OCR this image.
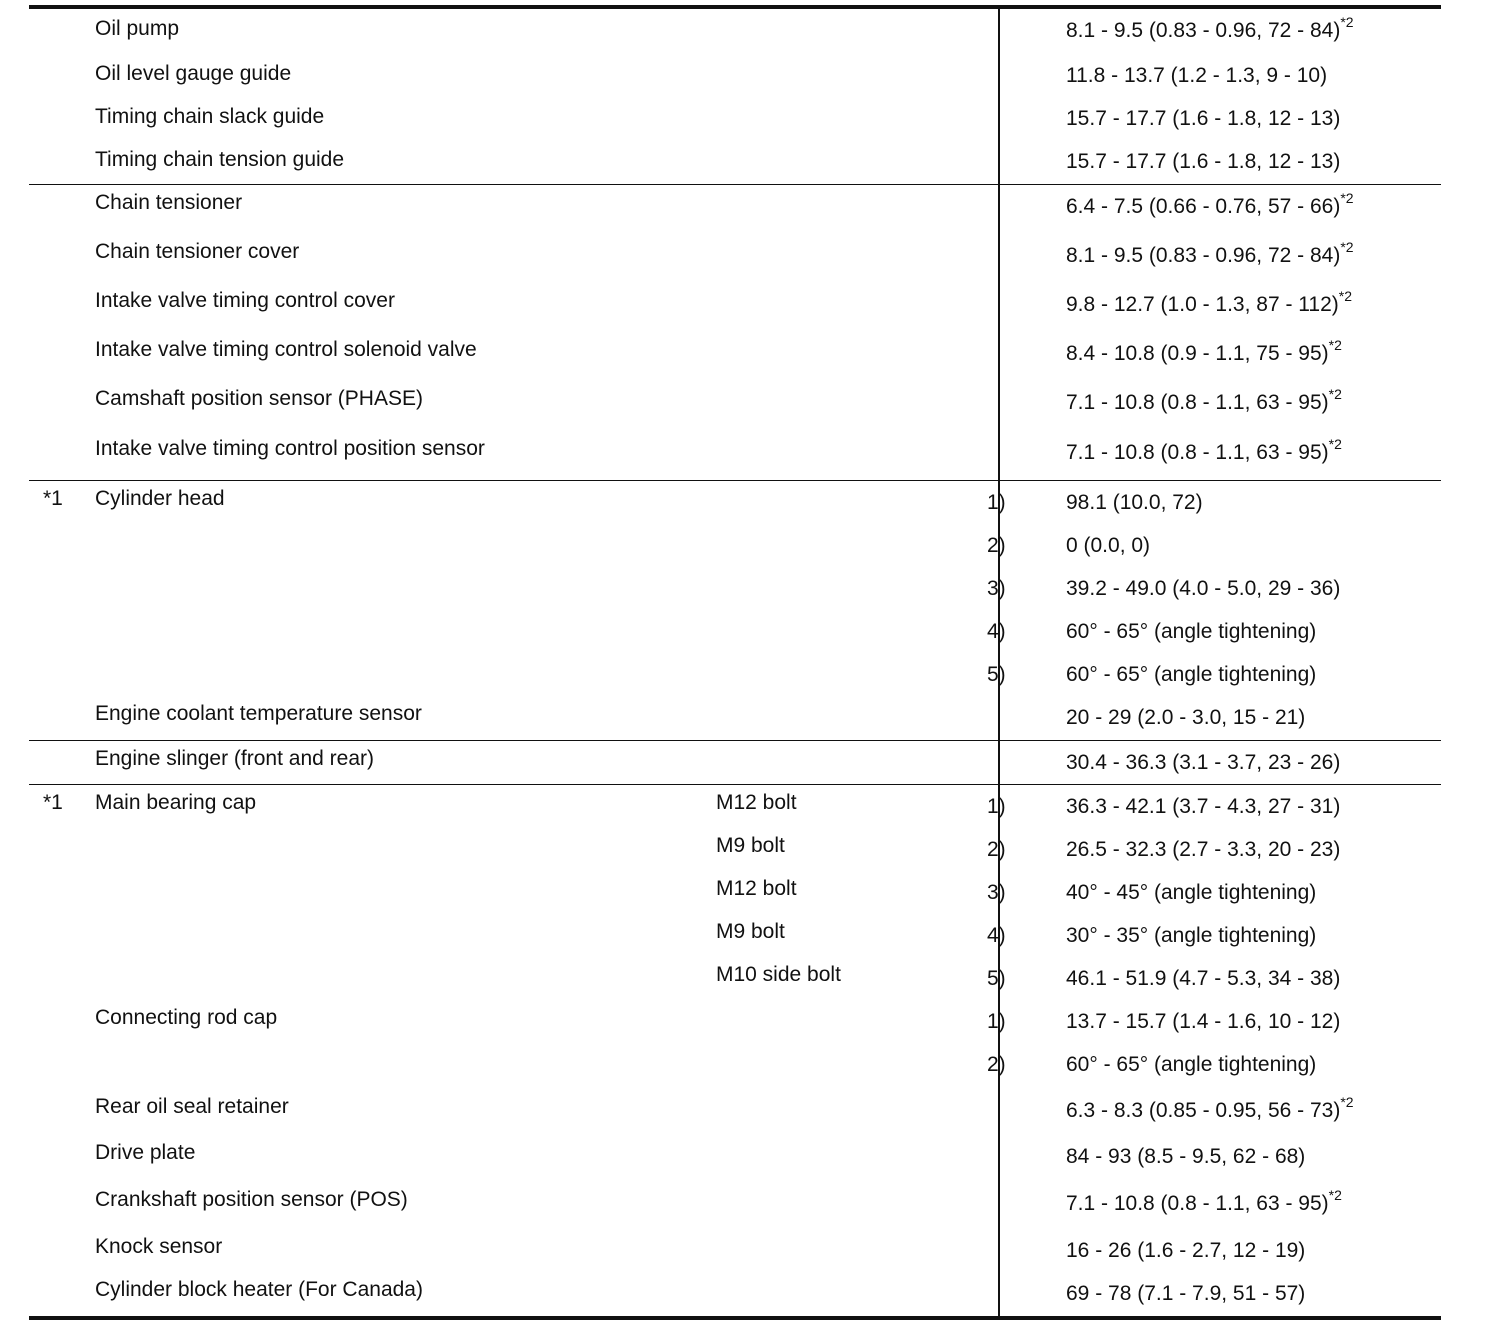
Oil pump	8.1 - 9.5 (0.83 - 0.96, 72 - 84)$^{*2}$
Oil level gauge guide	11.8 - 13.7 (1.2 - 1.3, 9 - 10)
Timing chain slack guide	15.7 - 17.7 (1.6 - 1.8, 12 - 13)
Timing chain tension guide	15.7 - 17.7 (1.6 - 1.8, 12 - 13)
Chain tensioner	6.4 - 7.5 (0.66 - 0.76, 57 - 66)$^{*2}$
Chain tensioner cover	8.1 - 9.5 (0.83 - 0.96, 72 - 84)$^{*2}$
Intake valve timing control cover	9.8 - 12.7 (1.0 - 1.3, 87 - 112)$^{*2}$
Intake valve timing control solenoid valve	8.4 - 10.8 (0.9 - 1.1, 75 - 95)$^{*2}$
Camshaft position sensor (PHASE)	7.1 - 10.8 (0.8 - 1.1, 63 - 95)$^{*2}$
Intake valve timing control position sensor	7.1 - 10.8 (0.8 - 1.1, 63 - 95)$^{*2}$
*1 Cylinder head	1)	98.1 (10.0, 72)
2)	0 (0.0, 0)
3)	39.2 - 49.0 (4.0 - 5.0, 29 - 36)
4)	60° - 65° (angle tightening)
5)	60° - 65° (angle tightening)
Engine coolant temperature sensor	20 - 29 (2.0 - 3.0, 15 - 21)
Engine slinger (front and rear)	30.4 - 36.3 (3.1 - 3.7, 23 - 26)
*1 Main bearing cap	M12 bolt	1)	36.3 - 42.1 (3.7 - 4.3, 27 - 31)
M9 bolt	2)	26.5 - 32.3 (2.7 - 3.3, 20 - 23)
M12 bolt	3)	40° - 45° (angle tightening)
M9 bolt	4)	30° - 35° (angle tightening)
M10 side bolt	5)	46.1 - 51.9 (4.7 - 5.3, 34 - 38)
Connecting rod cap	1)	13.7 - 15.7 (1.4 - 1.6, 10 - 12)
2)	60° - 65° (angle tightening)
Rear oil seal retainer	6.3 - 8.3 (0.85 - 0.95, 56 - 73)$^{*2}$
Drive plate	84 - 93 (8.5 - 9.5, 62 - 68)
Crankshaft position sensor (POS)	7.1 - 10.8 (0.8 - 1.1, 63 - 95)$^{*2}$
Knock sensor	16 - 26 (1.6 - 2.7, 12 - 19)
Cylinder block heater (For Canada)	69 - 78 (7.1 - 7.9, 51 - 57)
